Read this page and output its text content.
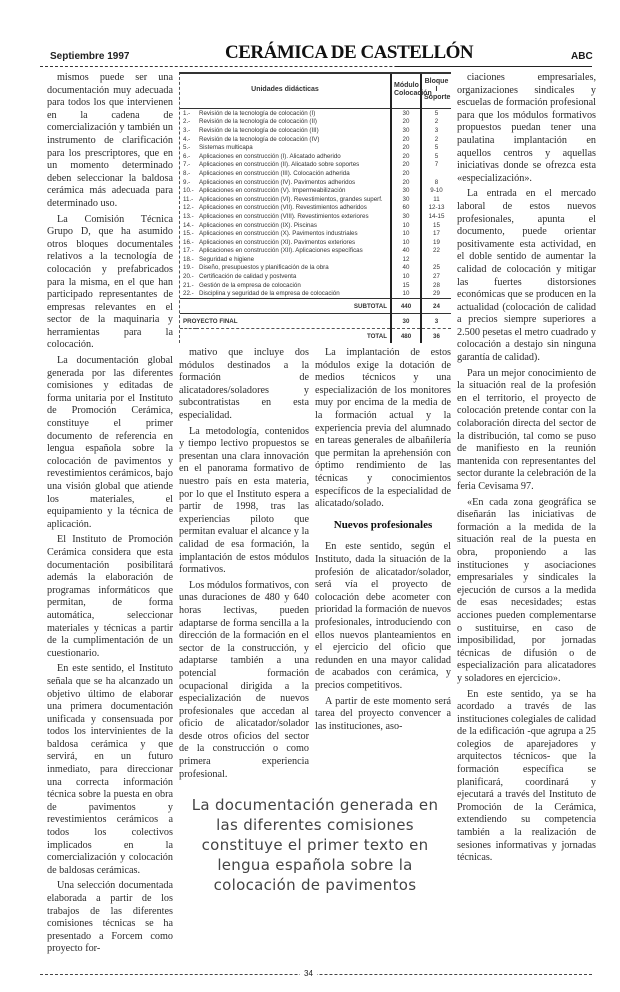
Septiembre 1997	CERÁMICA DE CASTELLÓN	ABC

mismos puede ser una documentación muy adecuada para todos los que intervienen en la cadena de comercialización y también un instrumento de clarificación para los prescriptores, que en un momento determinado deben seleccionar la baldosa cerámica más adecuada para determinado uso.

La Comisión Técnica Grupo D, que ha asumido otros bloques documentales relativos a la tecnología de colocación y prefabricados para la misma, en el que han participado representantes de empresas relevantes en el sector de la maquinaria y herramientas para la colocación.

La documentación global generada por las diferentes comisiones y editadas de forma unitaria por el Instituto de Promoción Cerámica, constituye el primer documento de referencia en lengua española sobre la colocación de pavimentos y revestimientos cerámicos, bajo una visión global que atiende los materiales, el equipamiento y la técnica de aplicación.

El Instituto de Promoción Cerámica considera que esta documentación posibilitará además la elaboración de programas informáticos que permitan, de forma automática, seleccionar materiales y técnicas a partir de la cumplimentación de un cuestionario.

En este sentido, el Instituto señala que se ha alcanzado un objetivo último de elaborar una primera documentación unificada y consensuada por todos los intervinientes de la baldosa cerámica y que servirá, en un futuro inmediato, para direccionar una correcta información técnica sobre la puesta en obra de pavimentos y revestimientos cerámicos a todos los colectivos implicados en la comercialización y colocación de baldosas cerámicas.

Una selección documentada elaborada a partir de los trabajos de las diferentes comisiones técnicas se ha presentado a Forcem como proyecto for-

Unidades didácticas		Módulo Colocación	Bloque I Soporte
1.-	Revisión de la tecnología de colocación (I)	30	5
2.-	Revisión de la tecnología de colocación (II)	20	2
3.-	Revisión de la tecnología de colocación (III)	30	3
4.-	Revisión de la tecnología de colocación (IV)	20	2
5.-	Sistemas multicapa	20	5
6.-	Aplicaciones en construcción (I). Alicatado adherido	20	5
7.-	Aplicaciones en construcción (II). Alicatado sobre soportes	20	7
8.-	Aplicaciones en construcción (III). Colocación adherida	20	
9.-	Aplicaciones en construcción (IV). Pavimentos adheridos	20	8
10.-	Aplicaciones en construcción (V). Impermeabilización	30	9-10
11.-	Aplicaciones en construcción (VI). Revestimientos, grandes superf.	30	11
12.-	Aplicaciones en construcción (VII). Revestimientos adheridos	60	12-13
13.-	Aplicaciones en construcción (VIII). Revestimientos exteriores	30	14-15
14.-	Aplicaciones en construcción (IX). Piscinas	10	15
15.-	Aplicaciones en construcción (X). Pavimentos industriales	10	17
16.-	Aplicaciones en construcción (XI). Pavimentos exteriores	10	19
17.-	Aplicaciones en construcción (XII). Aplicaciones específicas	40	22
18.-	Seguridad e higiene	12	
19.-	Diseño, presupuestos y planificación de la obra	40	25
20.-	Certificación de calidad y postventa	10	27
21.-	Gestión de la empresa de colocación	15	28
22.-	Disciplina y seguridad de la empresa de colocación	10	29
SUBTOTAL		440	24
PROYECTO FINAL		30	3
TOTAL		480	36

mativo que incluye dos módulos destinados a la formación de alicatadores/soladores y subcontratistas en esta especialidad.

La metodología, contenidos y tiempo lectivo propuestos se presentan una clara innovación en el panorama formativo de nuestro país en esta materia, por lo que el Instituto espera a partir de 1998, tras las experiencias piloto que permitan evaluar el alcance y la calidad de esa formación, la implantación de estos módulos formativos.

Los módulos formativos, con unas duraciones de 480 y 640 horas lectivas, pueden adaptarse de forma sencilla a la dirección de la formación en el sector de la construcción, y adaptarse también a una potencial formación ocupacional dirigida a la especialización de nuevos profesionales que accedan al oficio de alicatador/solador desde otros oficios del sector de la construcción o como primera experiencia profesional.

La implantación de estos módulos exige la dotación de medios técnicos y una especialización de los monitores muy por encima de la media de la formación actual y la experiencia previa del alumnado en tareas generales de albañilería que permitan la aprehensión con óptimo rendimiento de las técnicas y conocimientos específicos de la especialidad de alicatado/solado.

Nuevos profesionales

En este sentido, según el Instituto, dada la situación de la profesión de alicatador/solador, será vía el proyecto de colocación debe acometer con prioridad la formación de nuevos profesionales, introduciendo con ellos nuevos planteamientos en el ejercicio del oficio que redunden en una mayor calidad de acabados con cerámica, y precios competitivos.

A partir de este momento será tarea del proyecto convencer a las instituciones, aso-

La documentación generada en las diferentes comisiones constituye el primer texto en lengua española sobre la colocación de pavimentos

ciaciones empresariales, organizaciones sindicales y escuelas de formación profesional para que los módulos formativos propuestos puedan tener una paulatina implantación en aquellos centros y aquellas iniciativas donde se ofrezca esta «especialización».

La entrada en el mercado laboral de estos nuevos profesionales, apunta el documento, puede orientar positivamente esta actividad, en el doble sentido de aumentar la calidad de colocación y mitigar las fuertes distorsiones económicas que se producen en la actualidad (colocación de calidad a precios siempre superiores a 2.500 pesetas el metro cuadrado y colocación a destajo sin ninguna garantía de calidad).

Para un mejor conocimiento de la situación real de la profesión en el territorio, el proyecto de colocación pretende contar con la colaboración directa del sector de la distribución, tal como se puso de manifiesto en la reunión mantenida con representantes del sector durante la celebración de la feria Cevisama 97.

«En cada zona geográfica se diseñarán las iniciativas de formación a la medida de la situación real de la puesta en obra, proponiendo a las instituciones y asociaciones empresariales y sindicales la ejecución de cursos a la medida de esas necesidades; estas acciones pueden complementarse o sustituirse, en caso de imposibilidad, por jornadas técnicas de difusión o de especialización para alicatadores y soladores en ejercicio».

En este sentido, ya se ha acordado a través de las instituciones colegiales de calidad de la edificación -que agrupa a 25 colegios de aparejadores y arquitectos técnicos- que la formación específica se planificará, coordinará y ejecutará a través del Instituto de Promoción de la Cerámica, extendiendo su competencia también a la realización de sesiones informativas y jornadas técnicas.

34
